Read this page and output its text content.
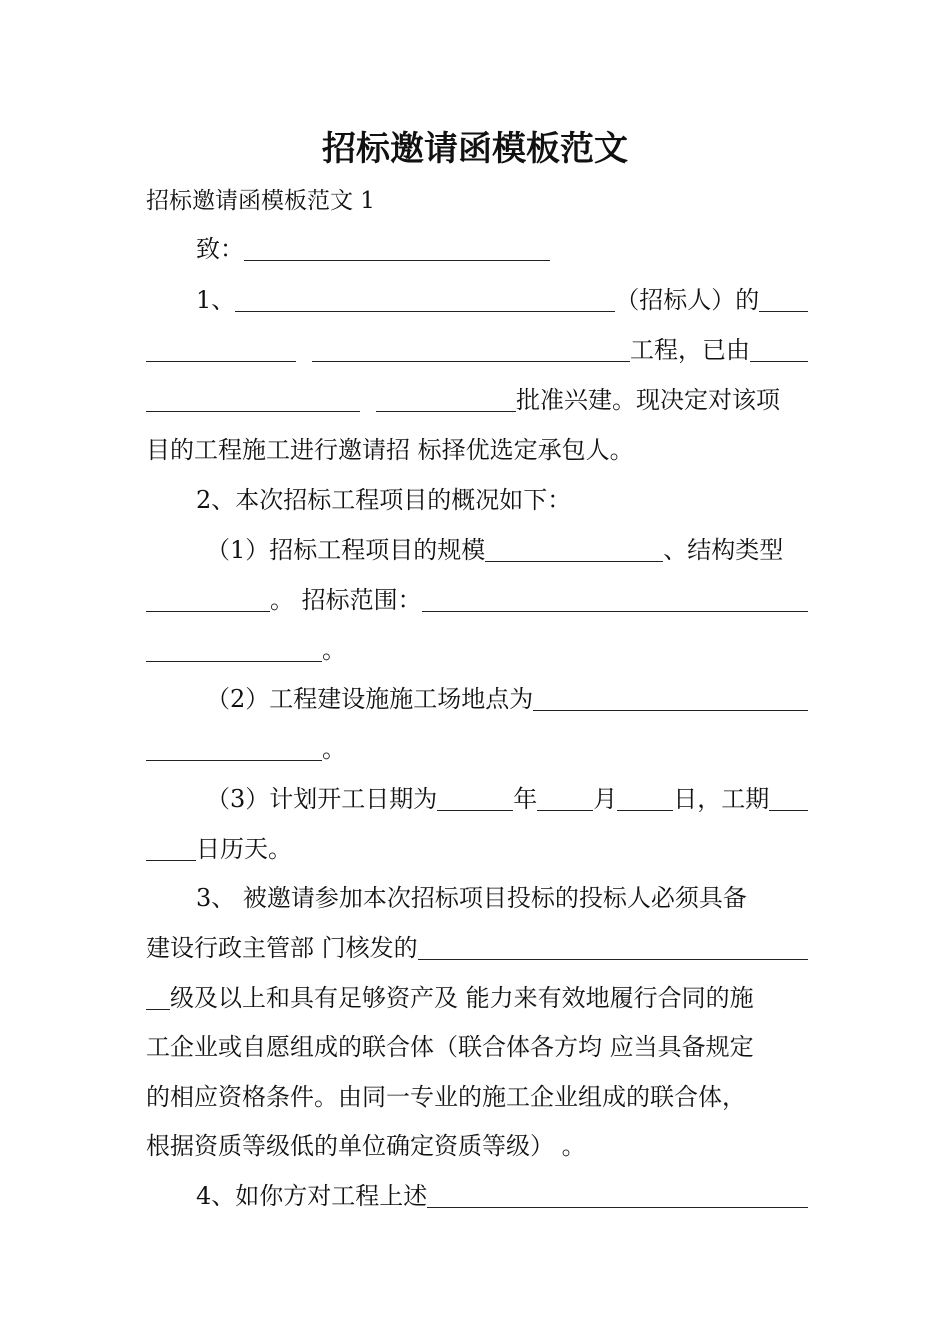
招标邀请函模板范文
招标邀请函模板范文 1
致：
1、	（招标人）的
工程，已由
批准兴建。现决定对该项
目的工程施工进行邀请招 标择优选定承包人。
2、本次招标工程项目的概况如下：
（1）招标工程项目的规模	、结构类型
。 招标范围：
。
（2）工程建设施施工场地点为
。
（3）计划开工日期为	年 月 日，工期
日历天。
3、 被邀请参加本次招标项目投标的投标人必须具备
建设行政主管部 门核发的
级及以上和具有足够资产及 能力来有效地履行合同的施
工企业或自愿组成的联合体（联合体各方均 应当具备规定
的相应资格条件。由同一专业的施工企业组成的联合体，
根据资质等级低的单位确定资质等级） 。
4、如你方对工程上述
